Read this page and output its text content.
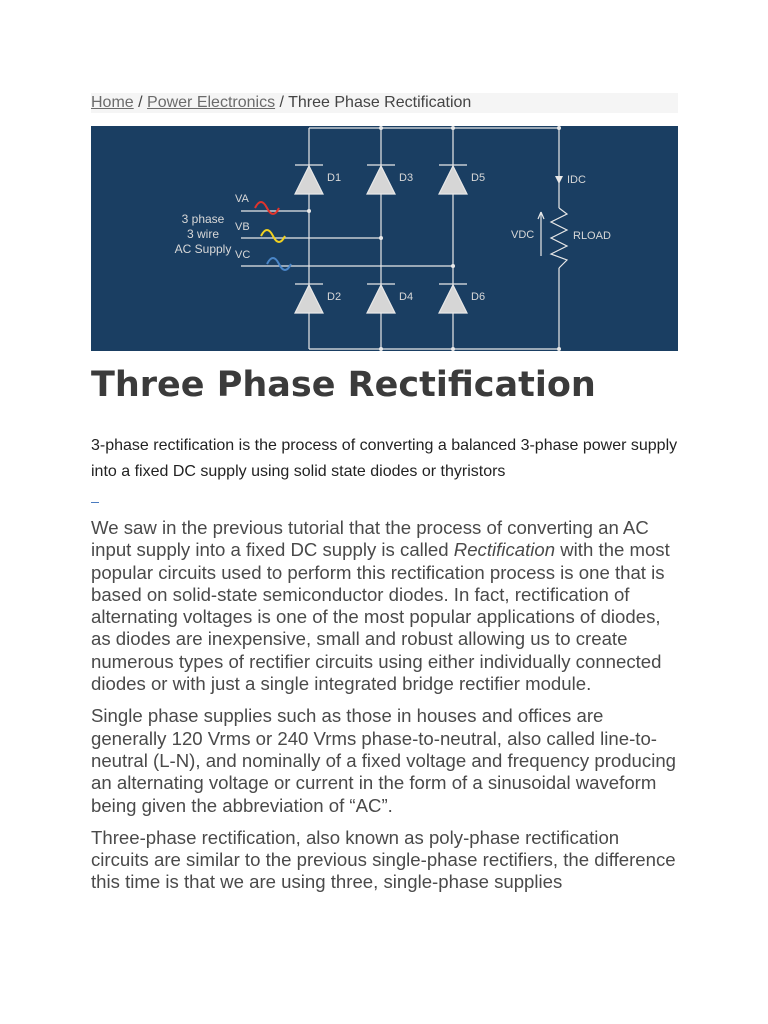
Home / Power Electronics / Three Phase Rectification
3 phase
3 wire
AC Supply
VA
VB
VC
D1	D3	D5
D2	D4	D6
IDC
VDC	RLOAD
Three Phase Rectification

3-phase rectification is the process of converting a balanced 3-phase power supply into a fixed DC supply using solid state diodes or thyristors

We saw in the previous tutorial that the process of converting an AC input supply into a fixed DC supply is called Rectification with the most popular circuits used to perform this rectification process is one that is based on solid-state semiconductor diodes. In fact, rectification of alternating voltages is one of the most popular applications of diodes, as diodes are inexpensive, small and robust allowing us to create numerous types of rectifier circuits using either individually connected diodes or with just a single integrated bridge rectifier module.

Single phase supplies such as those in houses and offices are generally 120 Vrms or 240 Vrms phase-to-neutral, also called line-to-neutral (L-N), and nominally of a fixed voltage and frequency producing an alternating voltage or current in the form of a sinusoidal waveform being given the abbreviation of “AC”.

Three-phase rectification, also known as poly-phase rectification circuits are similar to the previous single-phase rectifiers, the difference this time is that we are using three, single-phase supplies
